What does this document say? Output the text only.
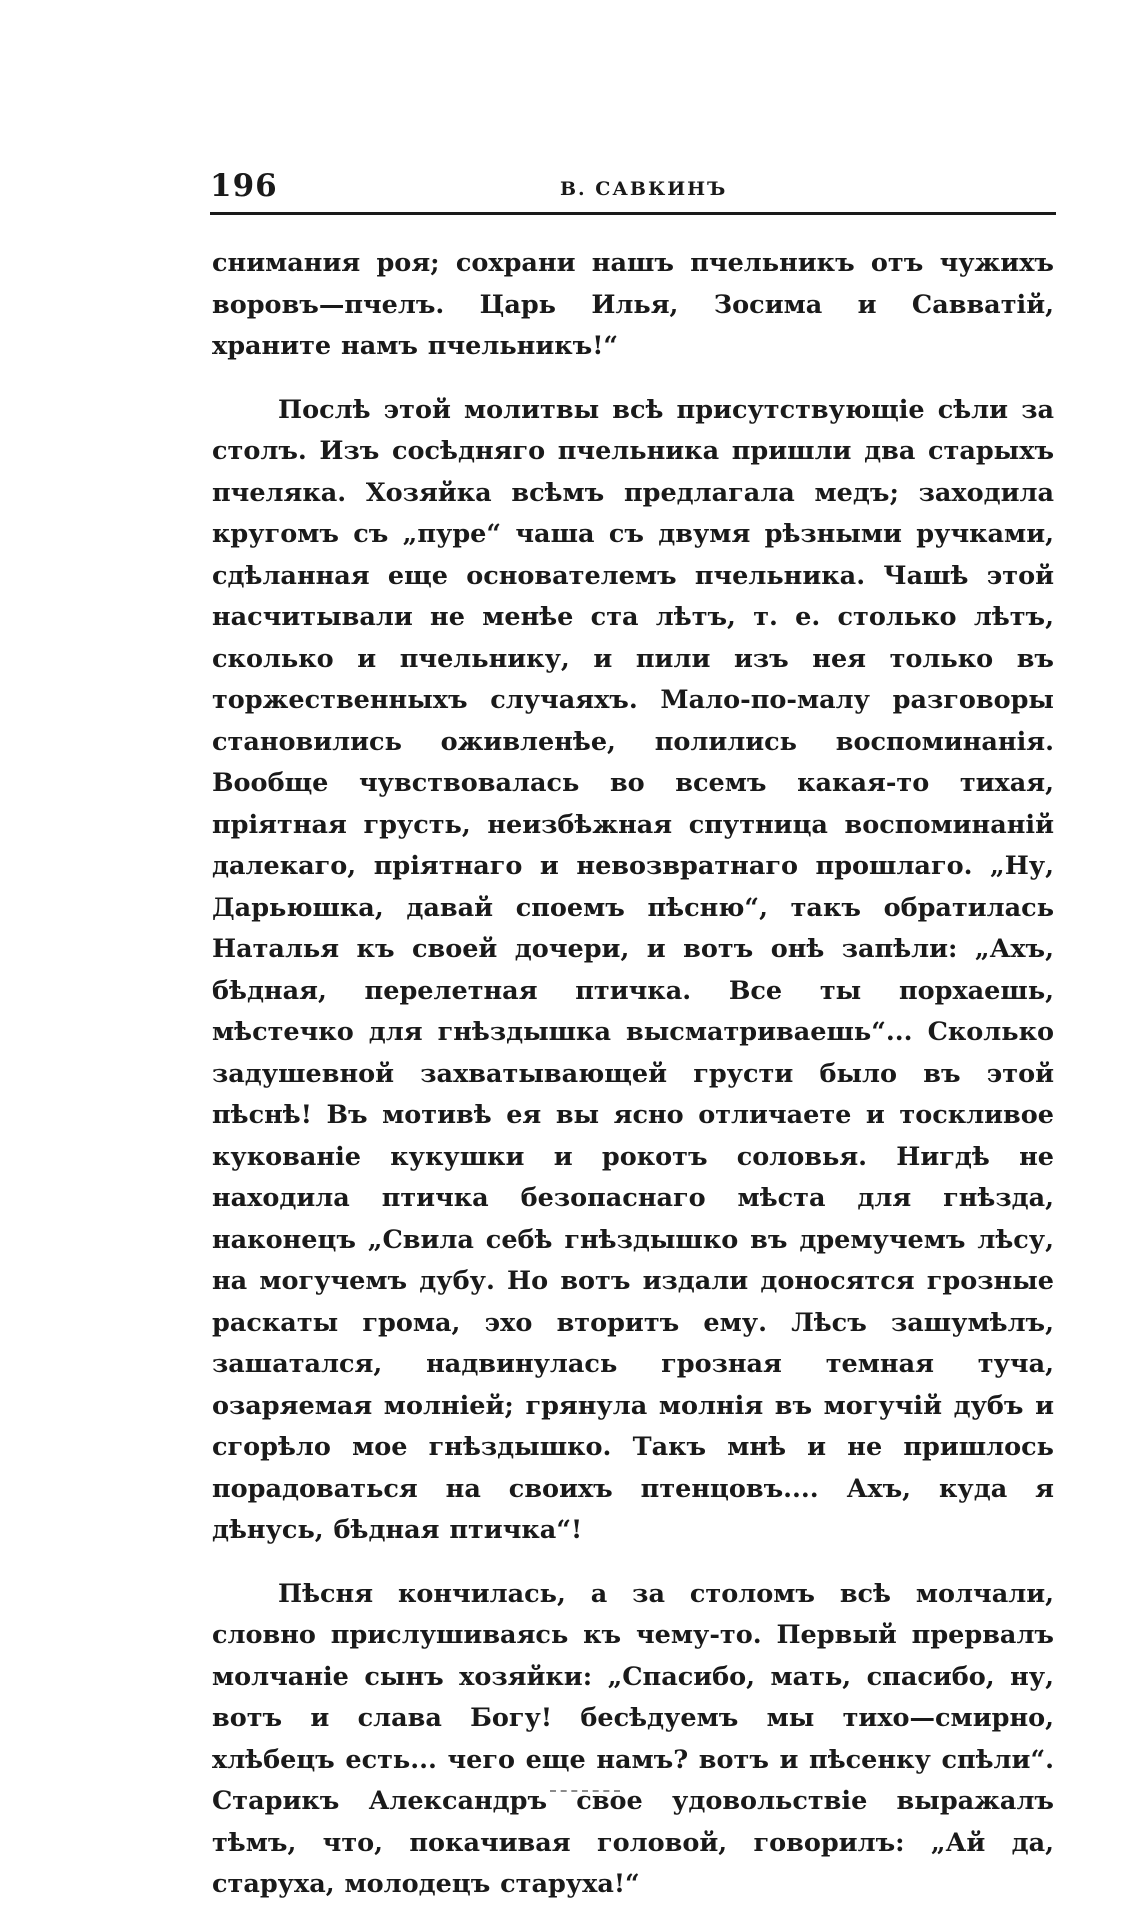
196	В. САВКИНЪ

снимания роя; сохрани нашъ пчельникъ отъ чужихъ воровъ—пчелъ. Царь Илья, Зосима и Савватій, храните намъ пчельникъ!“

Послѣ этой молитвы всѣ присутствующіе сѣли за столъ. Изъ сосѣдняго пчельника пришли два старыхъ пчеляка. Хозяйка всѣмъ предлагала медъ; заходила кругомъ съ „пуре“ чаша съ двумя рѣзными ручками, сдѣланная еще основателемъ пчельника. Чашѣ этой насчитывали не менѣе ста лѣтъ, т. е. столько лѣтъ, сколько и пчельнику, и пили изъ нея только въ торжественныхъ случаяхъ. Мало-по-малу разговоры становились оживленѣе, полились воспоминанія. Вообще чувствовалась во всемъ какая-то тихая, пріятная грусть, неизбѣжная спутница воспоминаній далекаго, пріятнаго и невозвратнаго прошлаго. „Ну, Дарьюшка, давай споемъ пѣсню“, такъ обратилась Наталья къ своей дочери, и вотъ онѣ запѣли: „Ахъ, бѣдная, перелетная птичка. Все ты порхаешь, мѣстечко для гнѣздышка высматриваешь“... Сколько задушевной захватывающей грусти было въ этой пѣснѣ! Въ мотивѣ ея вы ясно отличаете и тоскливое кукованіе кукушки и рокотъ соловья. Нигдѣ не находила птичка безопаснаго мѣста для гнѣзда, наконецъ „Свила себѣ гнѣздышко въ дремучемъ лѣсу, на могучемъ дубу. Но вотъ издали доносятся грозные раскаты грома, эхо вторитъ ему. Лѣсъ зашумѣлъ, зашатался, надвинулась грозная темная туча, озаряемая молніей; грянула молнія въ могучій дубъ и сгорѣло мое гнѣздышко. Такъ мнѣ и не пришлось порадоваться на своихъ птенцовъ.... Ахъ, куда я дѣнусь, бѣдная птичка“!

Пѣсня кончилась, а за столомъ всѣ молчали, словно прислушиваясь къ чему-то. Первый прервалъ молчаніе сынъ хозяйки: „Спасибо, мать, спасибо, ну, вотъ и слава Богу! бесѣдуемъ мы тихо—смирно, хлѣбецъ есть... чего еще намъ? вотъ и пѣсенку спѣли“. Старикъ Александръ свое удовольствіе выражалъ тѣмъ, что, покачивая головой, говорилъ: „Ай да, старуха, молодецъ старуха!“
